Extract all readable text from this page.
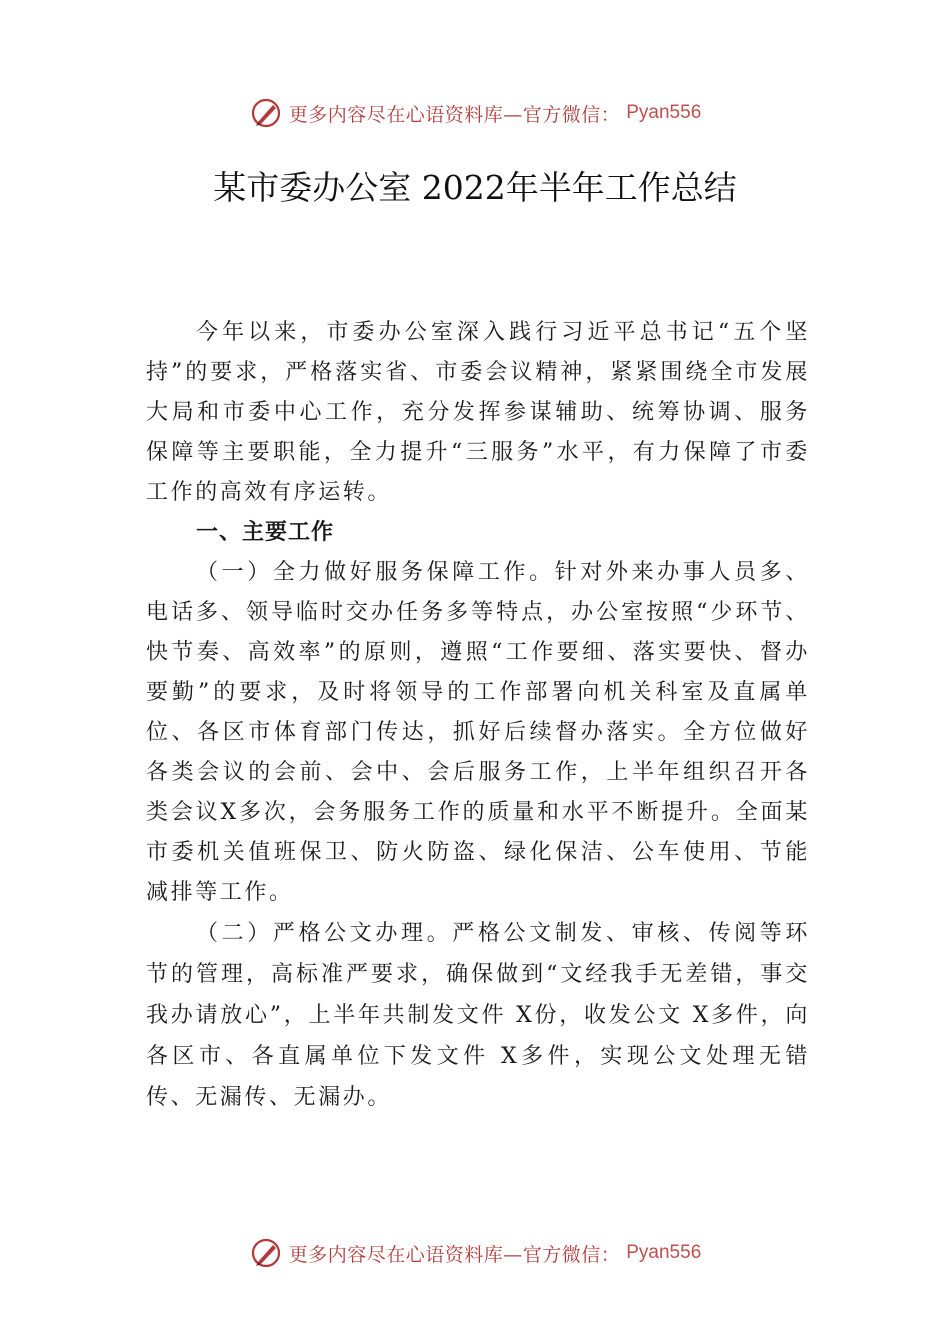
更多内容尽在心语资料库—官方微信： Pyan556
某市委办公室 2022年半年工作总结

今年以来，市委办公室深入践行习近平总书记“五个坚持”的要求，严格落实省、市委会议精神，紧紧围绕全市发展大局和市委中心工作，充分发挥参谋辅助、统筹协调、服务保障等主要职能，全力提升“三服务”水平，有力保障了市委工作的高效有序运转。

一、主要工作

（一）全力做好服务保障工作。针对外来办事人员多、电话多、领导临时交办任务多等特点，办公室按照“少环节、快节奏、高效率”的原则，遵照“工作要细、落实要快、督办要勤”的要求，及时将领导的工作部署向机关科室及直属单位、各区市体育部门传达，抓好后续督办落实。全方位做好各类会议的会前、会中、会后服务工作，上半年组织召开各类会议X多次，会务服务工作的质量和水平不断提升。全面某市委机关值班保卫、防火防盗、绿化保洁、公车使用、节能减排等工作。

（二）严格公文办理。严格公文制发、审核、传阅等环节的管理，高标准严要求，确保做到“文经我手无差错，事交我办请放心”，上半年共制发文件 X份，收发公文 X多件，向各区市、各直属单位下发文件 X多件，实现公文处理无错传、无漏传、无漏办。

更多内容尽在心语资料库—官方微信： Pyan556
